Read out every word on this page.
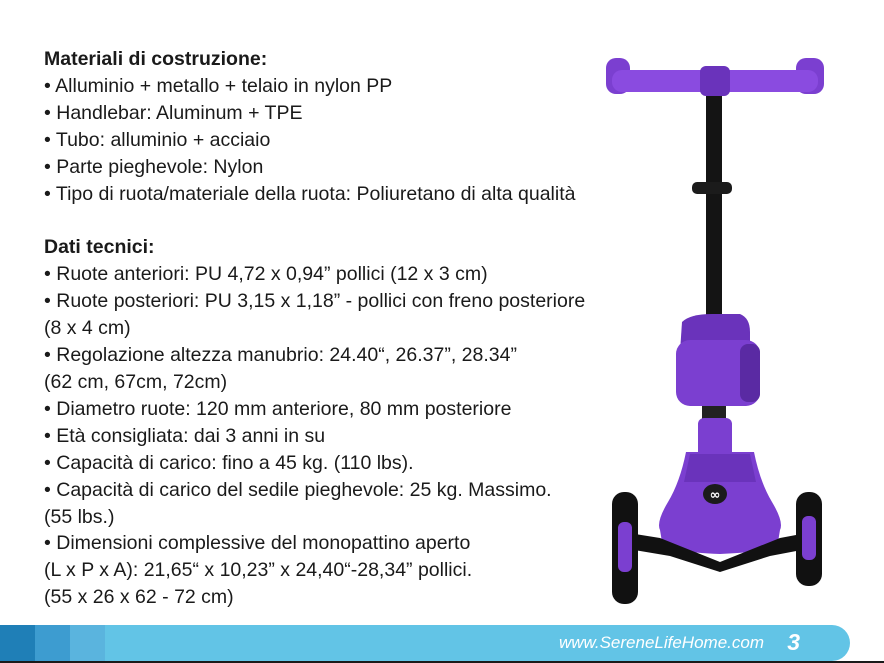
Materiali di costruzione:

• Alluminio + metallo + telaio in nylon PP

• Handlebar: Aluminum + TPE

• Tubo: alluminio + acciaio

• Parte pieghevole: Nylon

• Tipo di ruota/materiale della ruota: Poliuretano di alta qualità

Dati tecnici:

• Ruote anteriori: PU 4,72 x 0,94” pollici (12 x 3 cm)

• Ruote posteriori: PU 3,15 x 1,18” - pollici con freno posteriore

(8 x 4 cm)

• Regolazione altezza manubrio: 24.40“, 26.37”, 28.34”

(62 cm, 67cm, 72cm)

• Diametro ruote: 120 mm anteriore, 80 mm posteriore

• Età consigliata: dai 3 anni in su

• Capacità di carico: fino a 45 kg. (110 lbs).

• Capacità di carico del sedile pieghevole: 25 kg. Massimo.

(55 lbs.)

• Dimensioni complessive del monopattino aperto

(L x P x A): 21,65“ x 10,23” x 24,40“-28,34” pollici.

(55 x 26 x 62 - 72 cm)

∞
www.SereneLifeHome.com 3
